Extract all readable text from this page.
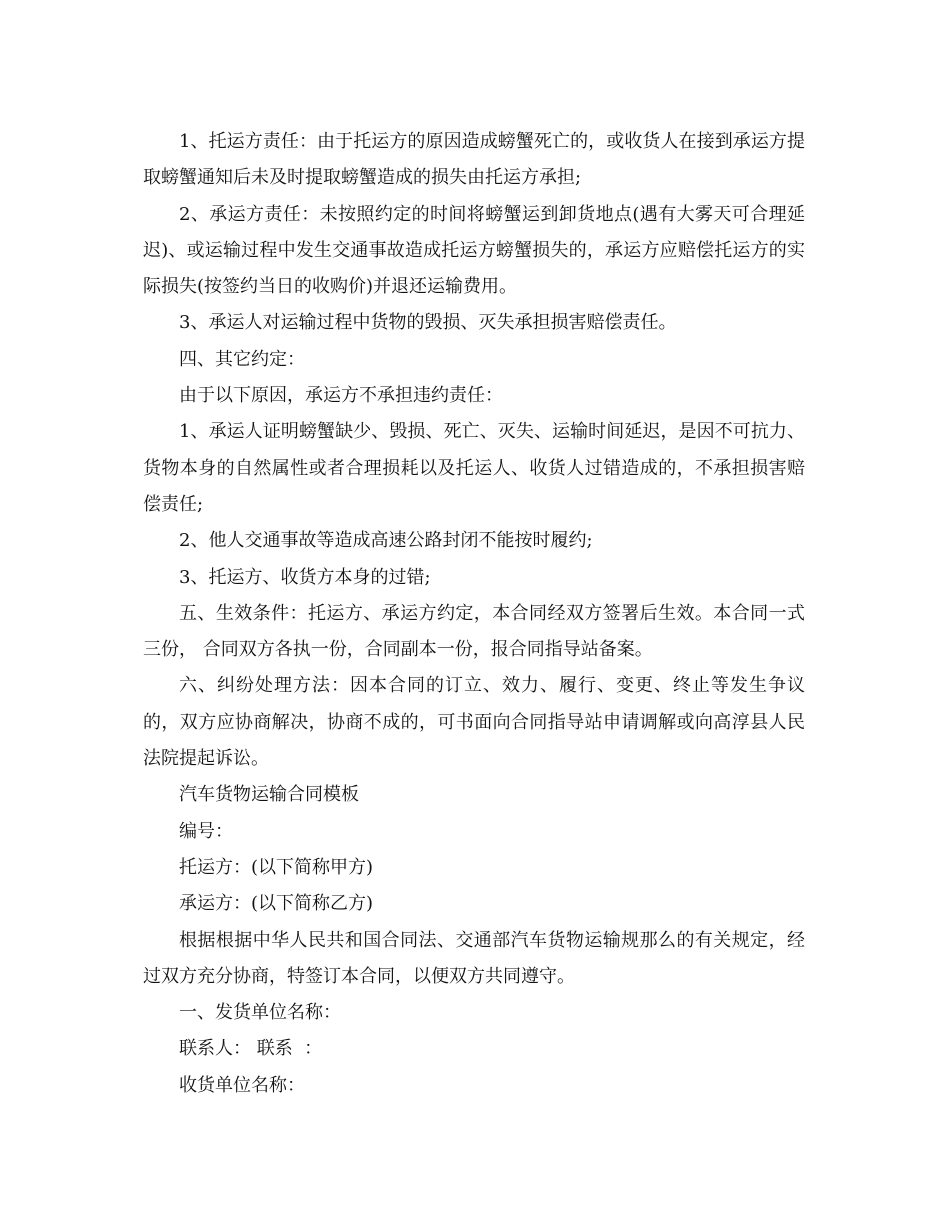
1、托运方责任：由于托运方的原因造成螃蟹死亡的，或收货人在接到承运方提取螃蟹通知后未及时提取螃蟹造成的损失由托运方承担;

2、承运方责任：未按照约定的时间将螃蟹运到卸货地点(遇有大雾天可合理延迟)、或运输过程中发生交通事故造成托运方螃蟹损失的，承运方应赔偿托运方的实际损失(按签约当日的收购价)并退还运输费用。

3、承运人对运输过程中货物的毁损、灭失承担损害赔偿责任。

四、其它约定：

由于以下原因，承运方不承担违约责任：

1、承运人证明螃蟹缺少、毁损、死亡、灭失、运输时间延迟，是因不可抗力、货物本身的自然属性或者合理损耗以及托运人、收货人过错造成的，不承担损害赔偿责任;

2、他人交通事故等造成高速公路封闭不能按时履约;

3、托运方、收货方本身的过错;

五、生效条件：托运方、承运方约定，本合同经双方签署后生效。本合同一式三份， 合同双方各执一份，合同副本一份，报合同指导站备案。

六、纠纷处理方法：因本合同的订立、效力、履行、变更、终止等发生争议的，双方应协商解决，协商不成的，可书面向合同指导站申请调解或向高淳县人民法院提起诉讼。

汽车货物运输合同模板

编号：

托运方：(以下简称甲方)

承运方：(以下简称乙方)

根据根据中华人民共和国合同法、交通部汽车货物运输规那么的有关规定，经过双方充分协商，特签订本合同，以便双方共同遵守。

一、发货单位名称：

联系人： 联系  ：

收货单位名称：
